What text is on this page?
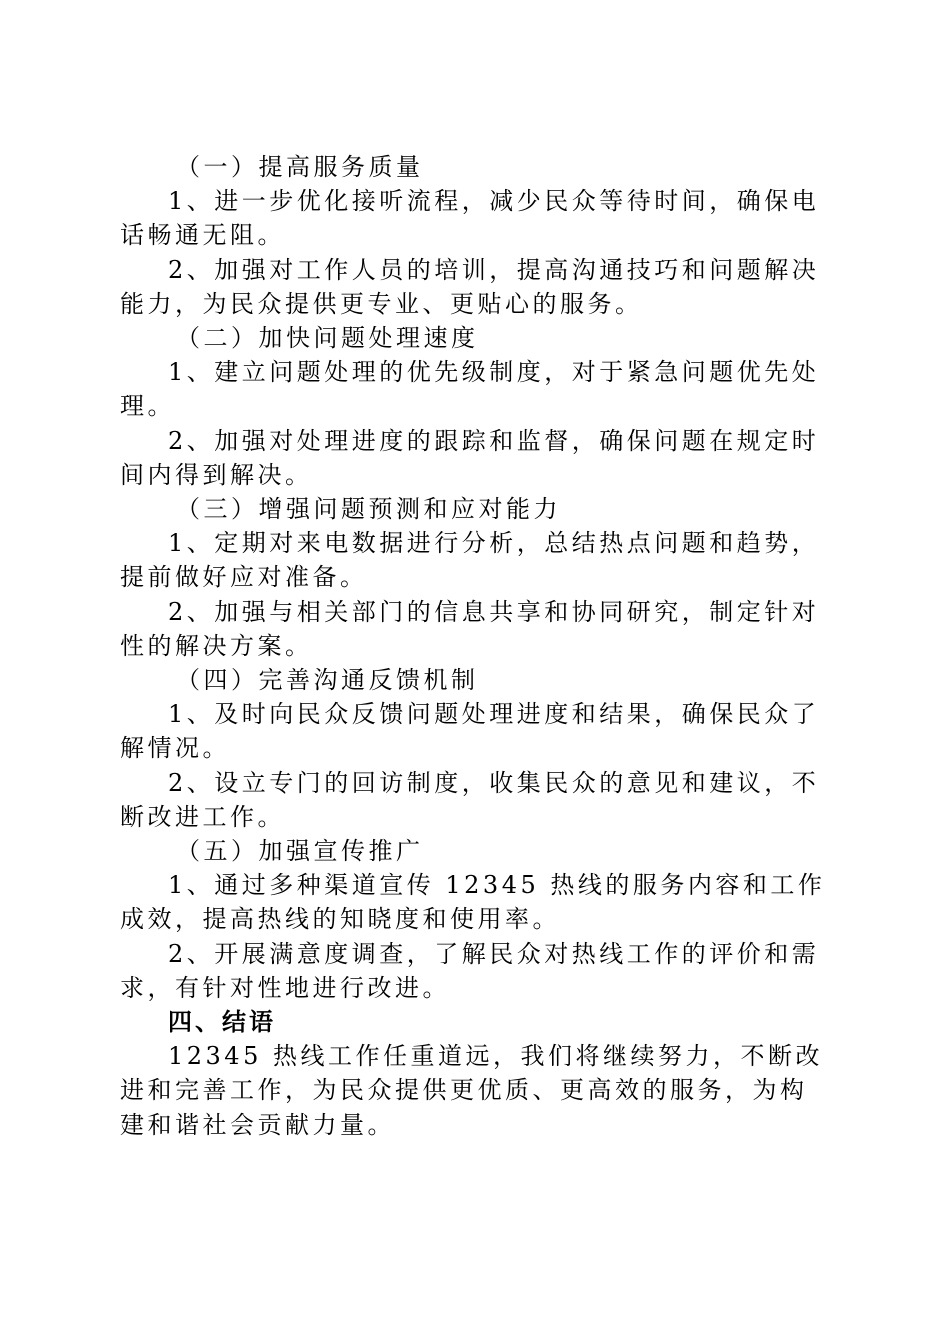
（一）提高服务质量

1、进一步优化接听流程，减少民众等待时间，确保电话畅通无阻。

2、加强对工作人员的培训，提高沟通技巧和问题解决能力，为民众提供更专业、更贴心的服务。

（二）加快问题处理速度

1、建立问题处理的优先级制度，对于紧急问题优先处理。

2、加强对处理进度的跟踪和监督，确保问题在规定时间内得到解决。

（三）增强问题预测和应对能力

1、定期对来电数据进行分析，总结热点问题和趋势，提前做好应对准备。

2、加强与相关部门的信息共享和协同研究，制定针对性的解决方案。

（四）完善沟通反馈机制

1、及时向民众反馈问题处理进度和结果，确保民众了解情况。

2、设立专门的回访制度，收集民众的意见和建议，不断改进工作。

（五）加强宣传推广

1、通过多种渠道宣传 12345 热线的服务内容和工作成效，提高热线的知晓度和使用率。

2、开展满意度调查，了解民众对热线工作的评价和需求，有针对性地进行改进。

四、结语

12345 热线工作任重道远，我们将继续努力，不断改进和完善工作，为民众提供更优质、更高效的服务，为构建和谐社会贡献力量。
